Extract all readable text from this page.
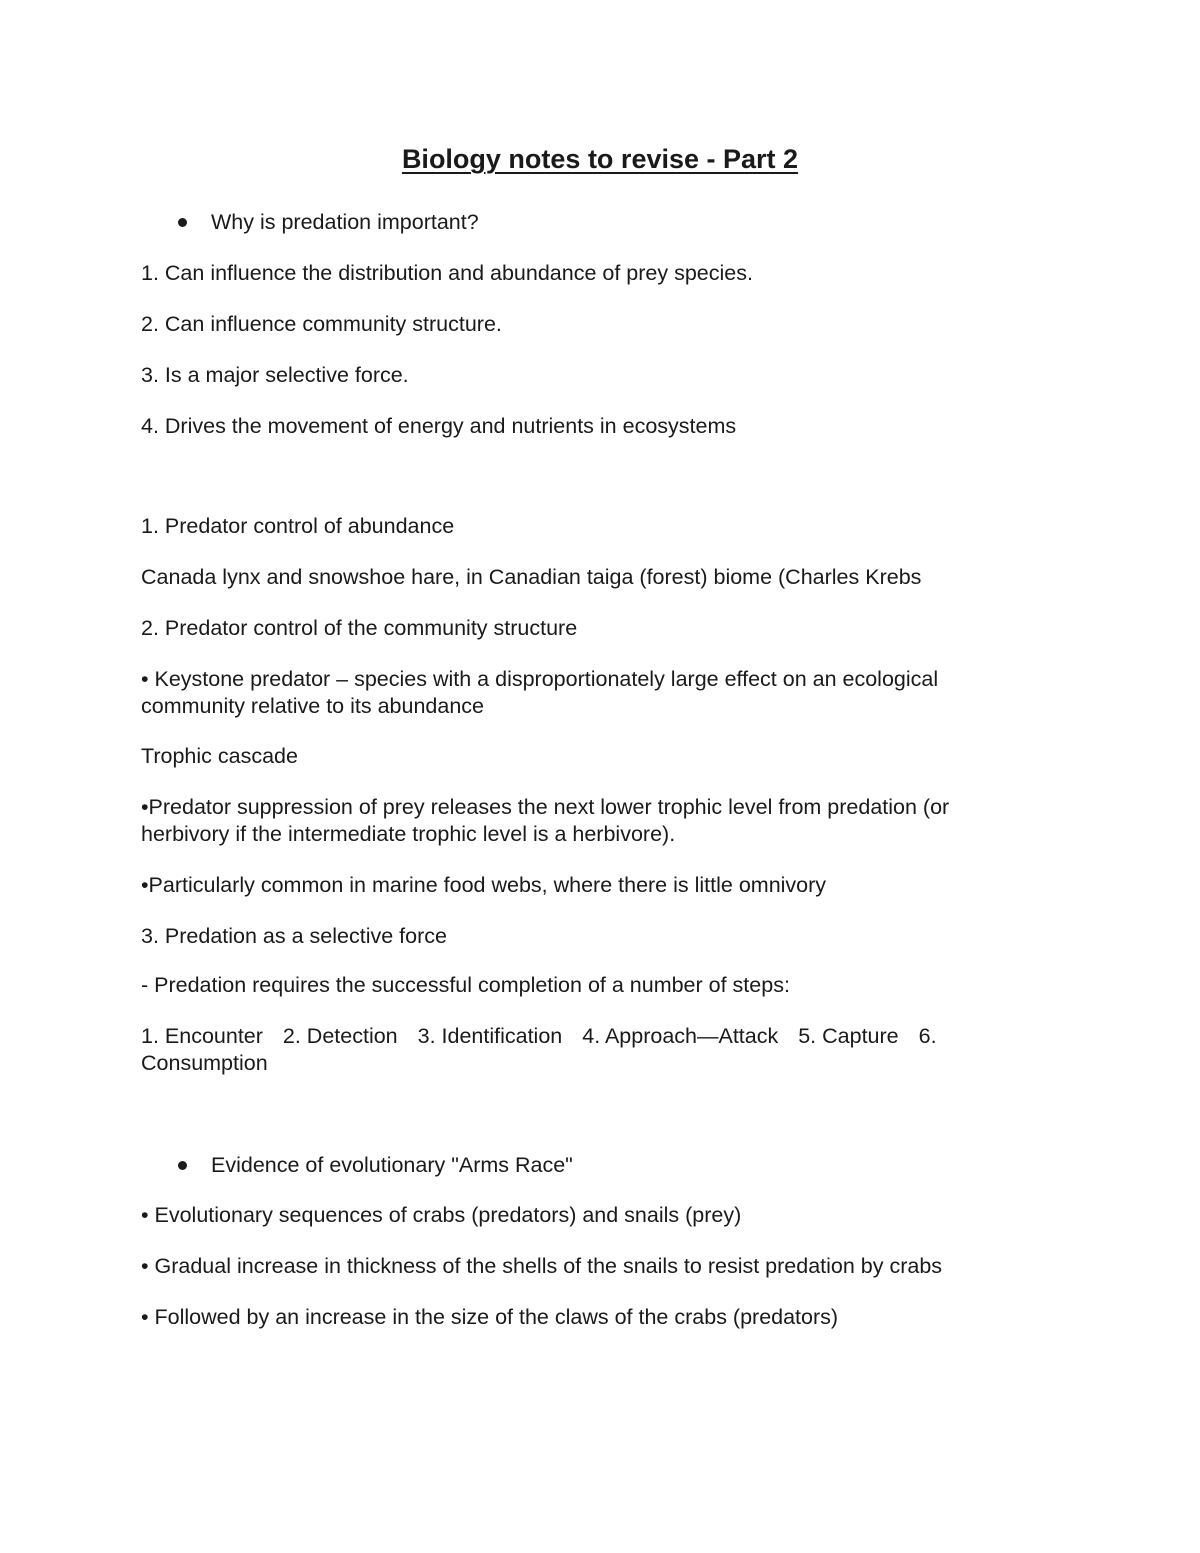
Biology notes to revise - Part 2

Why is predation important?

1. Can influence the distribution and abundance of prey species.

2. Can influence community structure.

3. Is a major selective force.

4. Drives the movement of energy and nutrients in ecosystems

1. Predator control of abundance

Canada lynx and snowshoe hare, in Canadian taiga (forest) biome (Charles Krebs

2. Predator control of the community structure

• Keystone predator – species with a disproportionately large effect on an ecological community relative to its abundance

Trophic cascade

•Predator suppression of prey releases the next lower trophic level from predation (or herbivory if the intermediate trophic level is a herbivore).

•Particularly common in marine food webs, where there is little omnivory

3. Predation as a selective force

- Predation requires the successful completion of a number of steps:

1. Encounter 2. Detection 3. Identification 4. Approach—Attack 5. Capture 6. Consumption

Evidence of evolutionary "Arms Race"

• Evolutionary sequences of crabs (predators) and snails (prey)

• Gradual increase in thickness of the shells of the snails to resist predation by crabs

• Followed by an increase in the size of the claws of the crabs (predators)
